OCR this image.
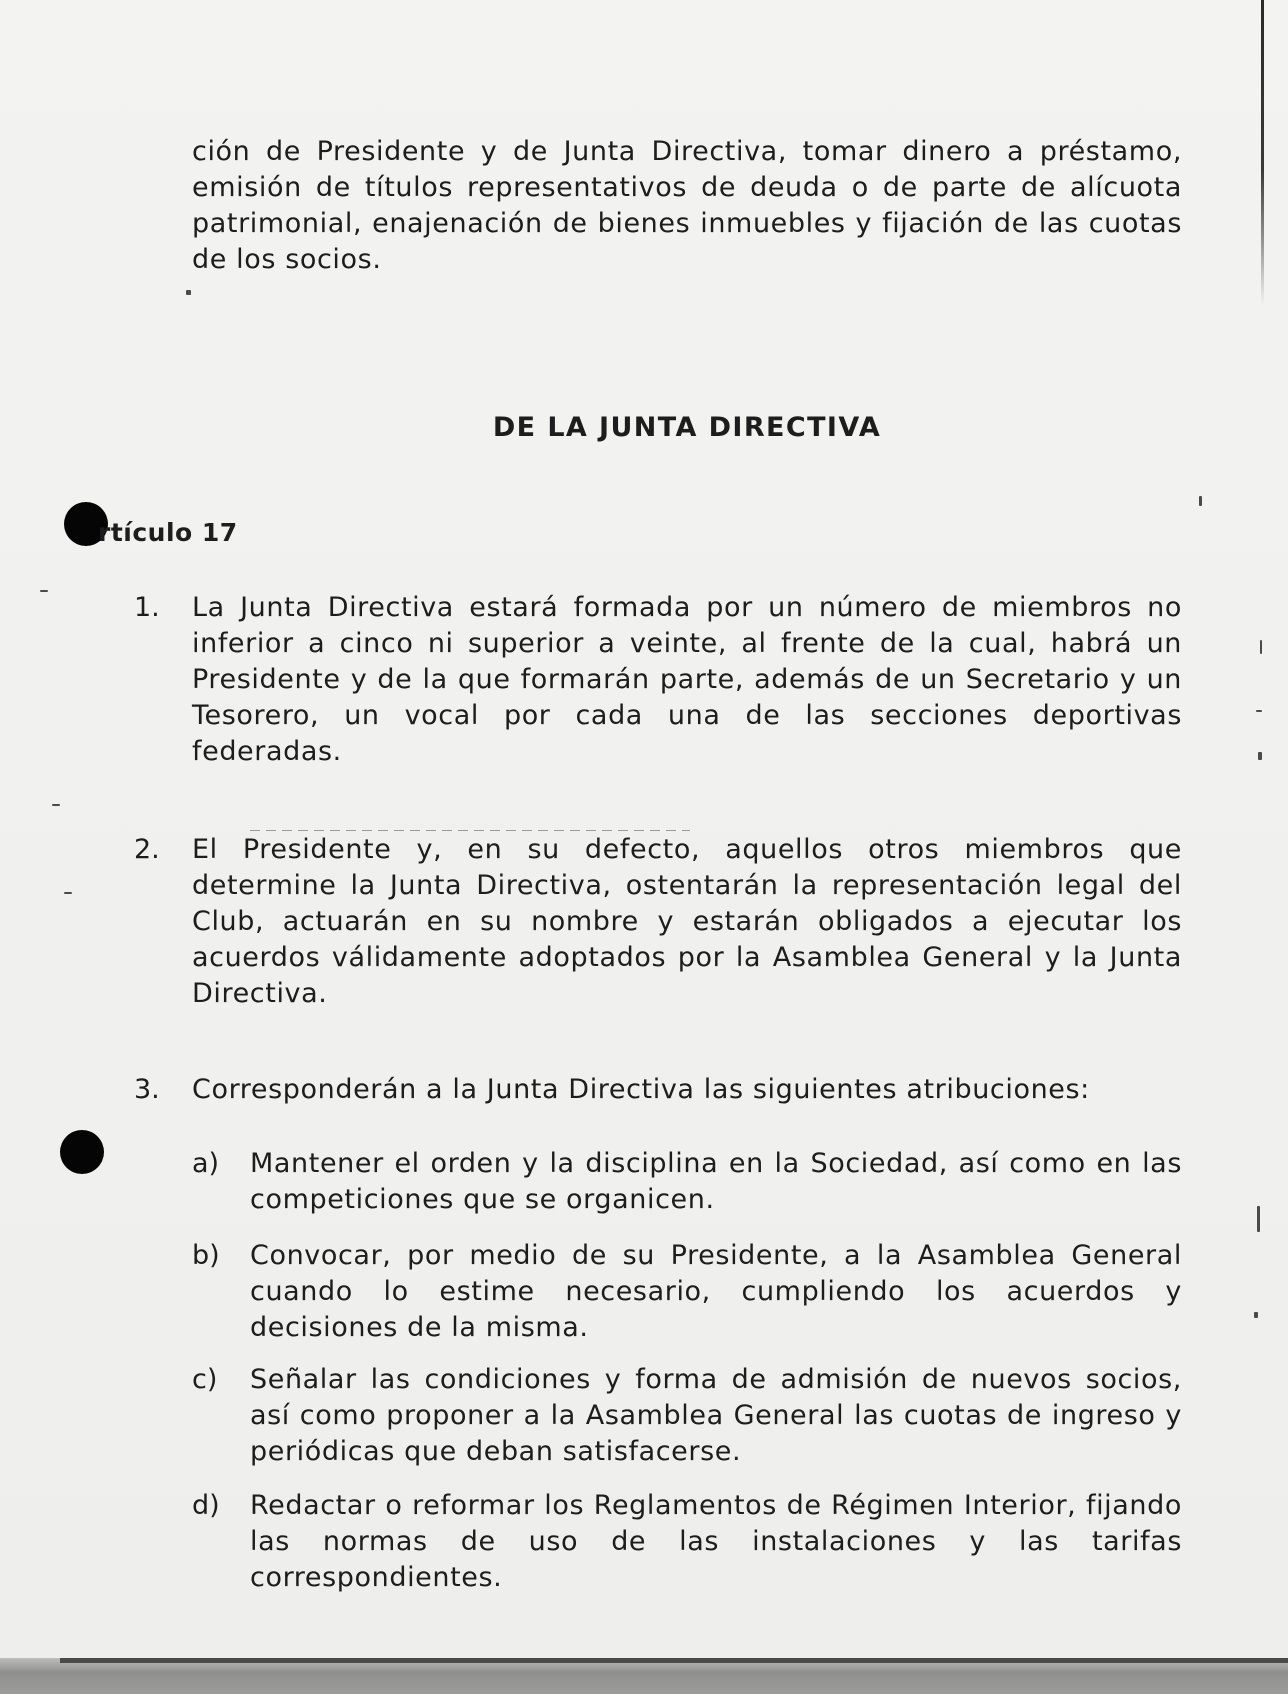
ción de Presidente y de Junta Directiva, tomar dinero a préstamo, emisión de títulos representativos de deuda o de parte de alícuota patrimonial, enajenación de bienes inmuebles y fijación de las cuotas de los socios.

DE LA JUNTA DIRECTIVA

rtículo 17

1. La Junta Directiva estará formada por un número de miembros no inferior a cinco ni superior a veinte, al frente de la cual, habrá un Presidente y de la que formarán parte, además de un Secretario y un Tesorero, un vocal por cada una de las secciones deportivas federadas.

2. El Presidente y, en su defecto, aquellos otros miembros que determine la Junta Directiva, ostentarán la representación legal del Club, actuarán en su nombre y estarán obligados a ejecutar los acuerdos válidamente adoptados por la Asamblea General y la Junta Directiva.

3. Corresponderán a la Junta Directiva las siguientes atribuciones:

a) Mantener el orden y la disciplina en la Sociedad, así como en las competiciones que se organicen.

b) Convocar, por medio de su Presidente, a la Asamblea General cuando lo estime necesario, cumpliendo los acuerdos y decisiones de la misma.

c) Señalar las condiciones y forma de admisión de nuevos socios, así como proponer a la Asamblea General las cuotas de ingreso y periódicas que deban satisfacerse.

d) Redactar o reformar los Reglamentos de Régimen Interior, fijando las normas de uso de las instalaciones y las tarifas correspondientes.
